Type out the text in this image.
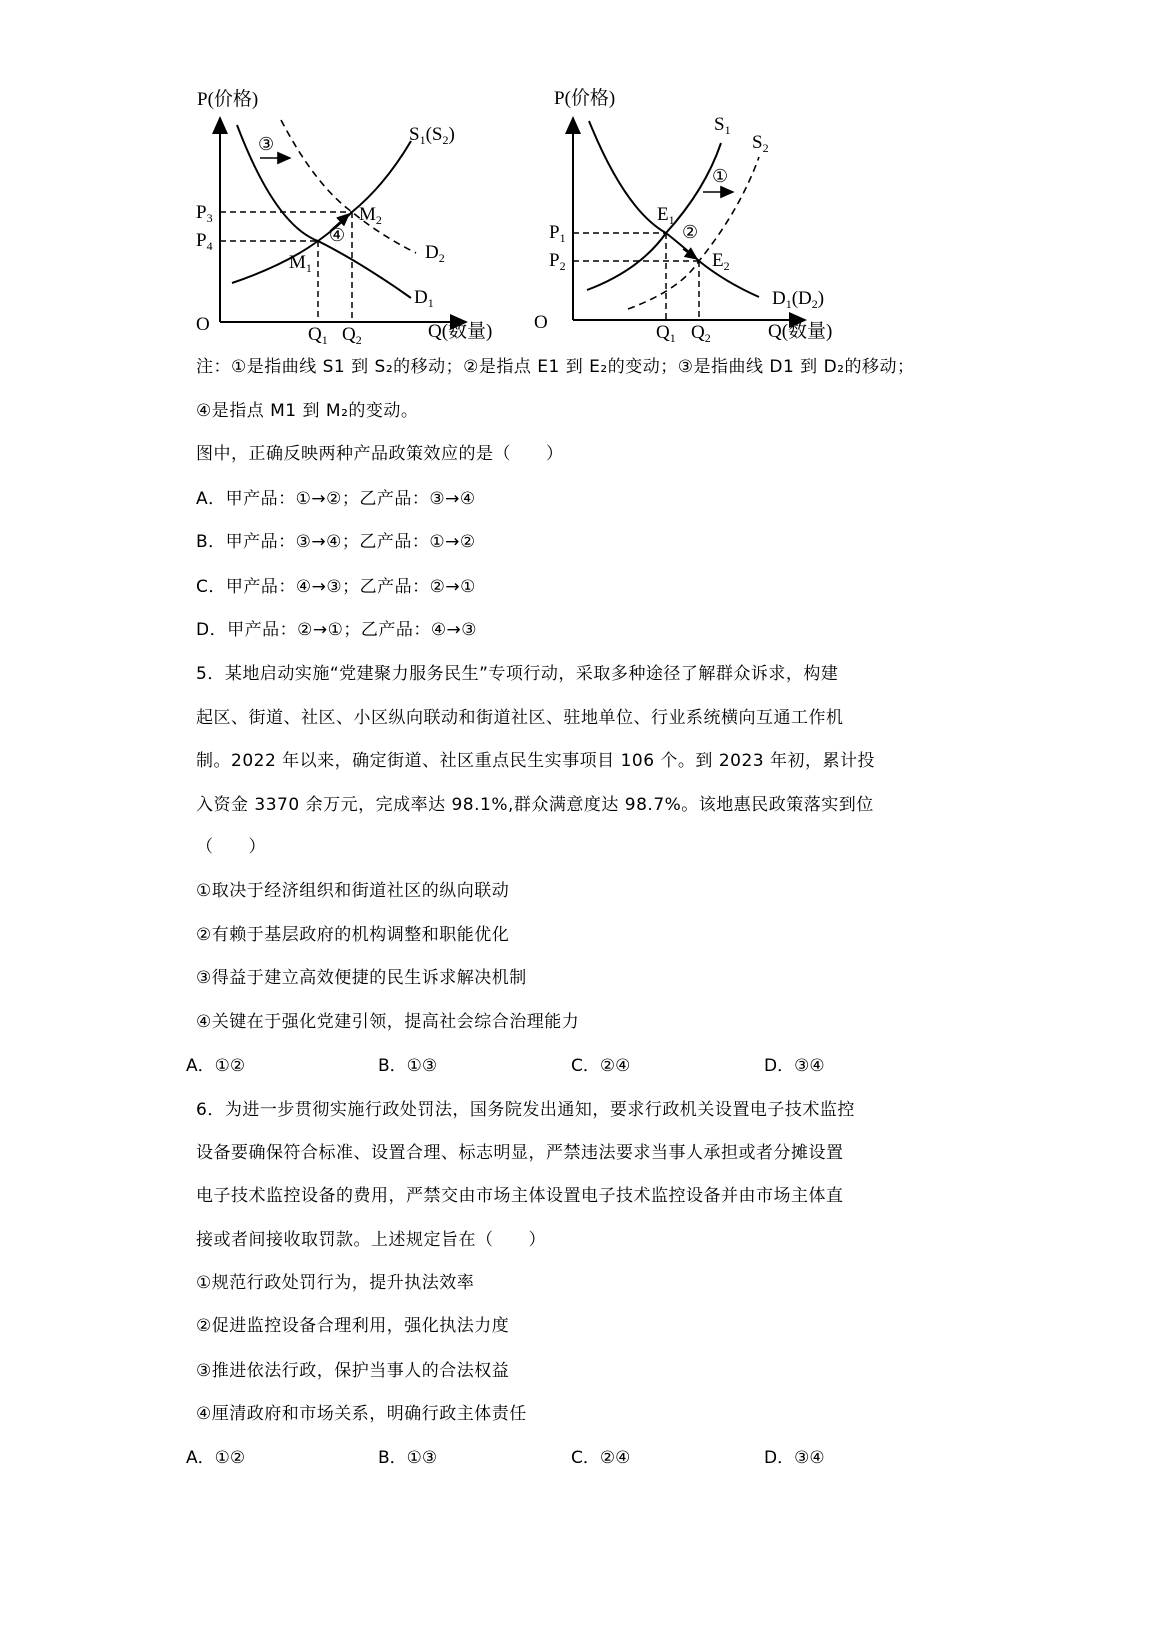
P(价格)
Q(数量)
O
$P_3$
$P_4$
$Q_1$ $Q_2$
$M_1$
$M_2$
$S_1(S_2)$
$D_1$
$D_2$
③
④
P(价格)
Q(数量)
O
$P_1$
$P_2$
$Q_1$ $Q_2$
$E_1$
$E_2$
$S_1$
$S_2$
$D_1(D_2)$
①
②
注：①是指曲线 S1 到 S₂的移动；②是指点 E1 到 E₂的变动；③是指曲线 D1 到 D₂的移动；
④是指点 M1 到 M₂的变动。
图中，正确反映两种产品政策效应的是（　　）
A．甲产品：①→②；乙产品：③→④
B．甲产品：③→④；乙产品：①→②
C．甲产品：④→③；乙产品：②→①
D．甲产品：②→①；乙产品：④→③
5．某地启动实施“党建聚力服务民生”专项行动，采取多种途径了解群众诉求，构建
起区、街道、社区、小区纵向联动和街道社区、驻地单位、行业系统横向互通工作机
制。2022 年以来，确定街道、社区重点民生实事项目 106 个。到 2023 年初，累计投
入资金 3370 余万元，完成率达 98.1%,群众满意度达 98.7%。该地惠民政策落实到位
（　　）
①取决于经济组织和街道社区的纵向联动
②有赖于基层政府的机构调整和职能优化
③得益于建立高效便捷的民生诉求解决机制
④关键在于强化党建引领，提高社会综合治理能力
A．①②	B．①③	C．②④	D．③④
6．为进一步贯彻实施行政处罚法，国务院发出通知，要求行政机关设置电子技术监控
设备要确保符合标准、设置合理、标志明显，严禁违法要求当事人承担或者分摊设置
电子技术监控设备的费用，严禁交由市场主体设置电子技术监控设备并由市场主体直
接或者间接收取罚款。上述规定旨在（　　）
①规范行政处罚行为，提升执法效率
②促进监控设备合理利用，强化执法力度
③推进依法行政，保护当事人的合法权益
④厘清政府和市场关系，明确行政主体责任
A．①②	B．①③	C．②④	D．③④
